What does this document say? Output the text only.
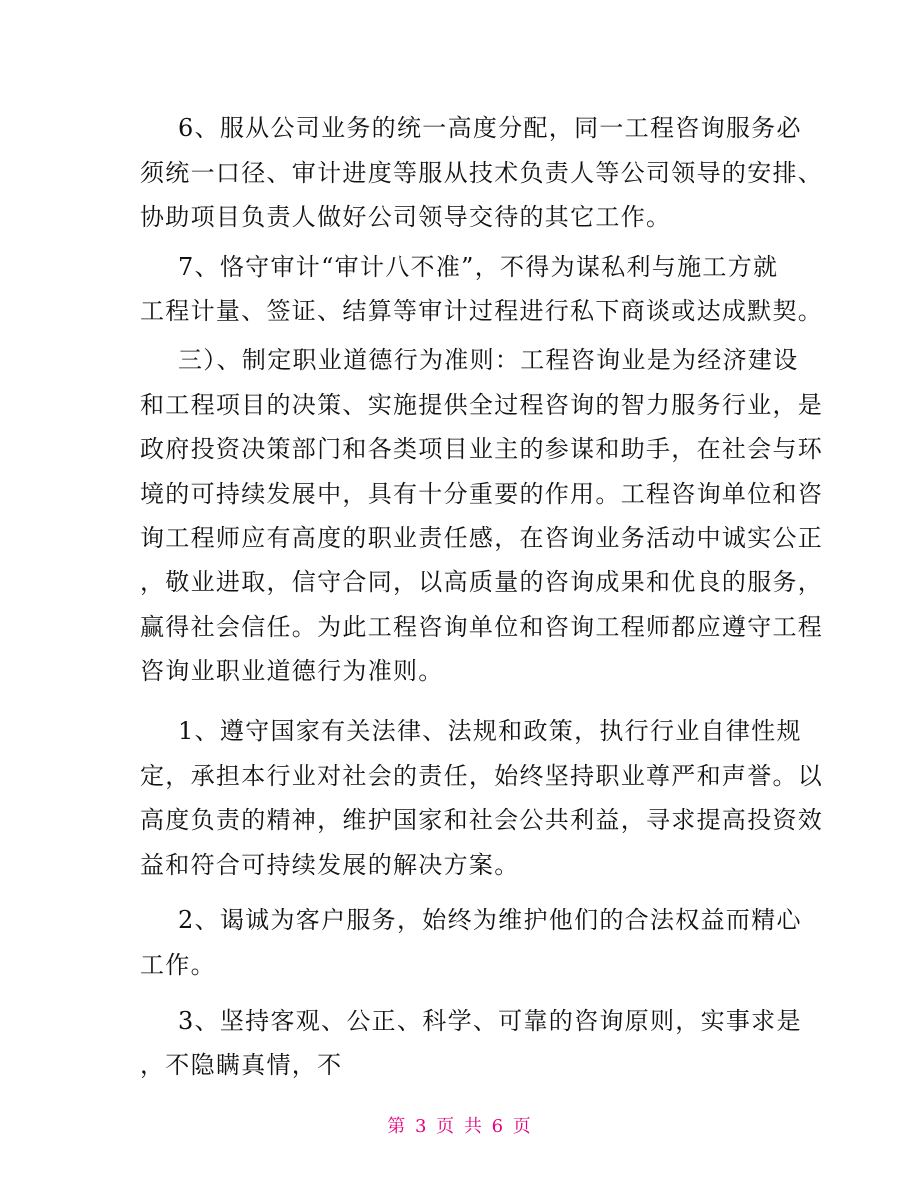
6、服从公司业务的统一高度分配，同一工程咨询服务必
须统一口径、审计进度等服从技术负责人等公司领导的安排、
协助项目负责人做好公司领导交待的其它工作。
7、恪守审计“审计八不准”，不得为谋私利与施工方就
工程计量、签证、结算等审计过程进行私下商谈或达成默契。
三）、制定职业道德行为准则：工程咨询业是为经济建设
和工程项目的决策、实施提供全过程咨询的智力服务行业，是
政府投资决策部门和各类项目业主的参谋和助手，在社会与环
境的可持续发展中，具有十分重要的作用。工程咨询单位和咨
询工程师应有高度的职业责任感，在咨询业务活动中诚实公正
，敬业进取，信守合同，以高质量的咨询成果和优良的服务，
赢得社会信任。为此工程咨询单位和咨询工程师都应遵守工程
咨询业职业道德行为准则。
1、遵守国家有关法律、法规和政策，执行行业自律性规
定，承担本行业对社会的责任，始终坚持职业尊严和声誉。以
高度负责的精神，维护国家和社会公共利益，寻求提高投资效
益和符合可持续发展的解决方案。
2、谒诚为客户服务，始终为维护他们的合法权益而精心
工作。
3、坚持客观、公正、科学、可靠的咨询原则，实事求是
，不隐瞒真情，不
第 3 页 共 6 页
